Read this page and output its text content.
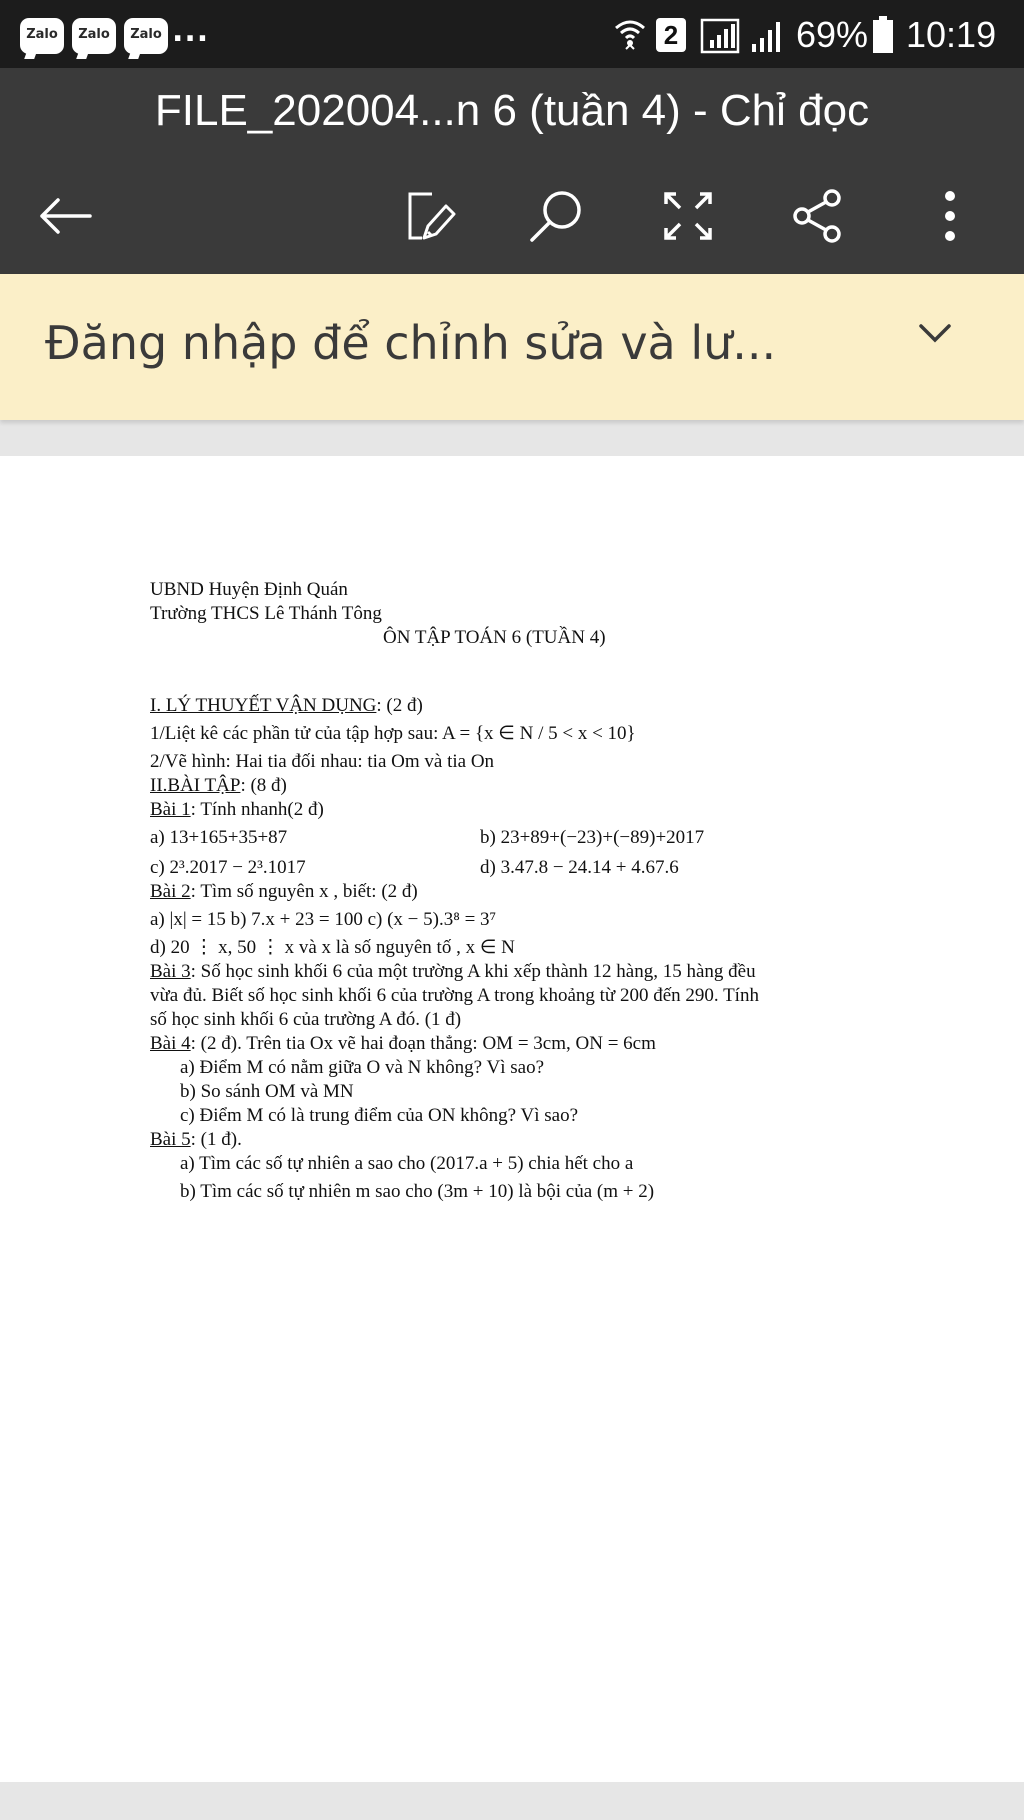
Zalo	Zalo	Zalo ...	2	69% 10:19
FILE_202004...n 6 (tuần 4) - Chỉ đọc
Đăng nhập để chỉnh sửa và lư...
UBND Huyện Định Quán
Trường THCS Lê Thánh Tông
ÔN TẬP TOÁN 6 (TUẦN 4)
I. LÝ THUYẾT VẬN DỤNG: (2 đ)
1/Liệt kê các phần tử của tập hợp sau: A = {x ∈ N / 5 < x < 10}
2/Vẽ hình: Hai tia đối nhau: tia Om và tia On
II.BÀI TẬP: (8 đ)
Bài 1: Tính nhanh(2 đ)
a) 13+165+35+87	b) 23+89+(−23)+(−89)+2017
c) 2³.2017 − 2³.1017	d) 3.47.8 − 24.14 + 4.67.6
Bài 2: Tìm số nguyên x , biết: (2 đ)
a) |x| = 15 b) 7.x + 23 = 100 c) (x − 5).3⁸ = 3⁷
d) 20 ⋮ x, 50 ⋮ x và x là số nguyên tố , x ∈ N
Bài 3: Số học sinh khối 6 của một trường A khi xếp thành 12 hàng, 15 hàng đều
vừa đủ. Biết số học sinh khối 6 của trường A trong khoảng từ 200 đến 290. Tính
số học sinh khối 6 của trường A đó. (1 đ)
Bài 4: (2 đ). Trên tia Ox vẽ hai đoạn thẳng: OM = 3cm, ON = 6cm
a) Điểm M có nằm giữa O và N không? Vì sao?
b) So sánh OM và MN
c) Điểm M có là trung điểm của ON không? Vì sao?
Bài 5: (1 đ).
a) Tìm các số tự nhiên a sao cho (2017.a + 5) chia hết cho a
b) Tìm các số tự nhiên m sao cho (3m + 10) là bội của (m + 2)
